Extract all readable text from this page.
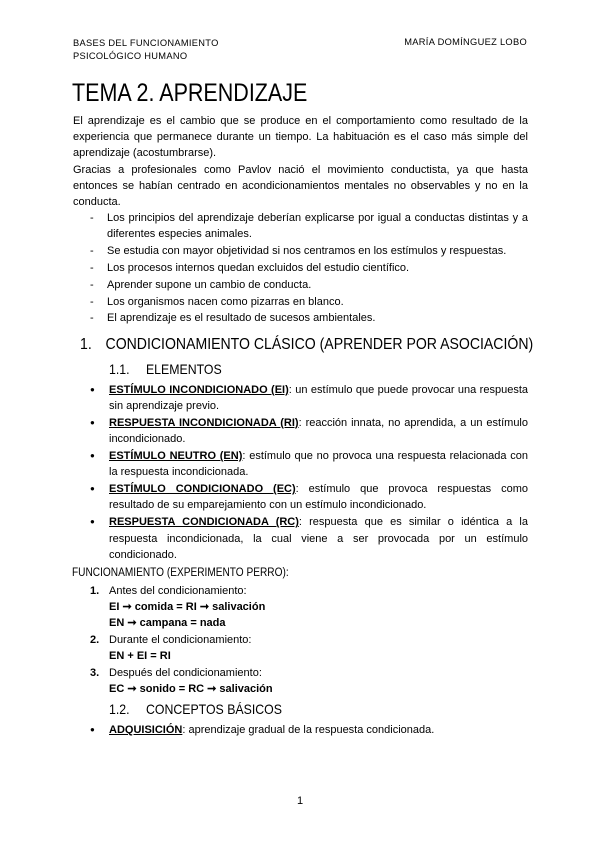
BASES DEL FUNCIONAMIENTO
PSICOLÓGICO HUMANO
MARÍA DOMÍNGUEZ LOBO
TEMA 2. APRENDIZAJE

El aprendizaje es el cambio que se produce en el comportamiento como resultado de la experiencia que permanece durante un tiempo. La habituación es el caso más simple del aprendizaje (acostumbrarse).

Gracias a profesionales como Pavlov nació el movimiento conductista, ya que hasta entonces se habían centrado en acondicionamientos mentales no observables y no en la conducta.

- Los principios del aprendizaje deberían explicarse por igual a conductas distintas y a diferentes especies animales.
- Se estudia con mayor objetividad si nos centramos en los estímulos y respuestas.
- Los procesos internos quedan excluidos del estudio científico.
- Aprender supone un cambio de conducta.
- Los organismos nacen como pizarras en blanco.
- El aprendizaje es el resultado de sucesos ambientales.
1. CONDICIONAMIENTO CLÁSICO (APRENDER POR ASOCIACIÓN)
1.1. ELEMENTOS
● ESTÍMULO INCONDICIONADO (EI): un estímulo que puede provocar una respuesta sin aprendizaje previo.
● RESPUESTA INCONDICIONADA (RI): reacción innata, no aprendida, a un estímulo incondicionado.
● ESTÍMULO NEUTRO (EN): estímulo que no provoca una respuesta relacionada con la respuesta incondicionada.
● ESTÍMULO CONDICIONADO (EC): estímulo que provoca respuestas como resultado de su emparejamiento con un estímulo incondicionado.
● RESPUESTA CONDICIONADA (RC): respuesta que es similar o idéntica a la respuesta incondicionada, la cual viene a ser provocada por un estímulo condicionado.
FUNCIONAMIENTO (EXPERIMENTO PERRO):
1. Antes del condicionamiento:
EI ➞ comida = RI ➞ salivación
EN ➞ campana = nada
2. Durante el condicionamiento:
EN + EI = RI
3. Después del condicionamiento:
EC ➞ sonido = RC ➞ salivación
1.2. CONCEPTOS BÁSICOS
● ADQUISICIÓN: aprendizaje gradual de la respuesta condicionada.
1
